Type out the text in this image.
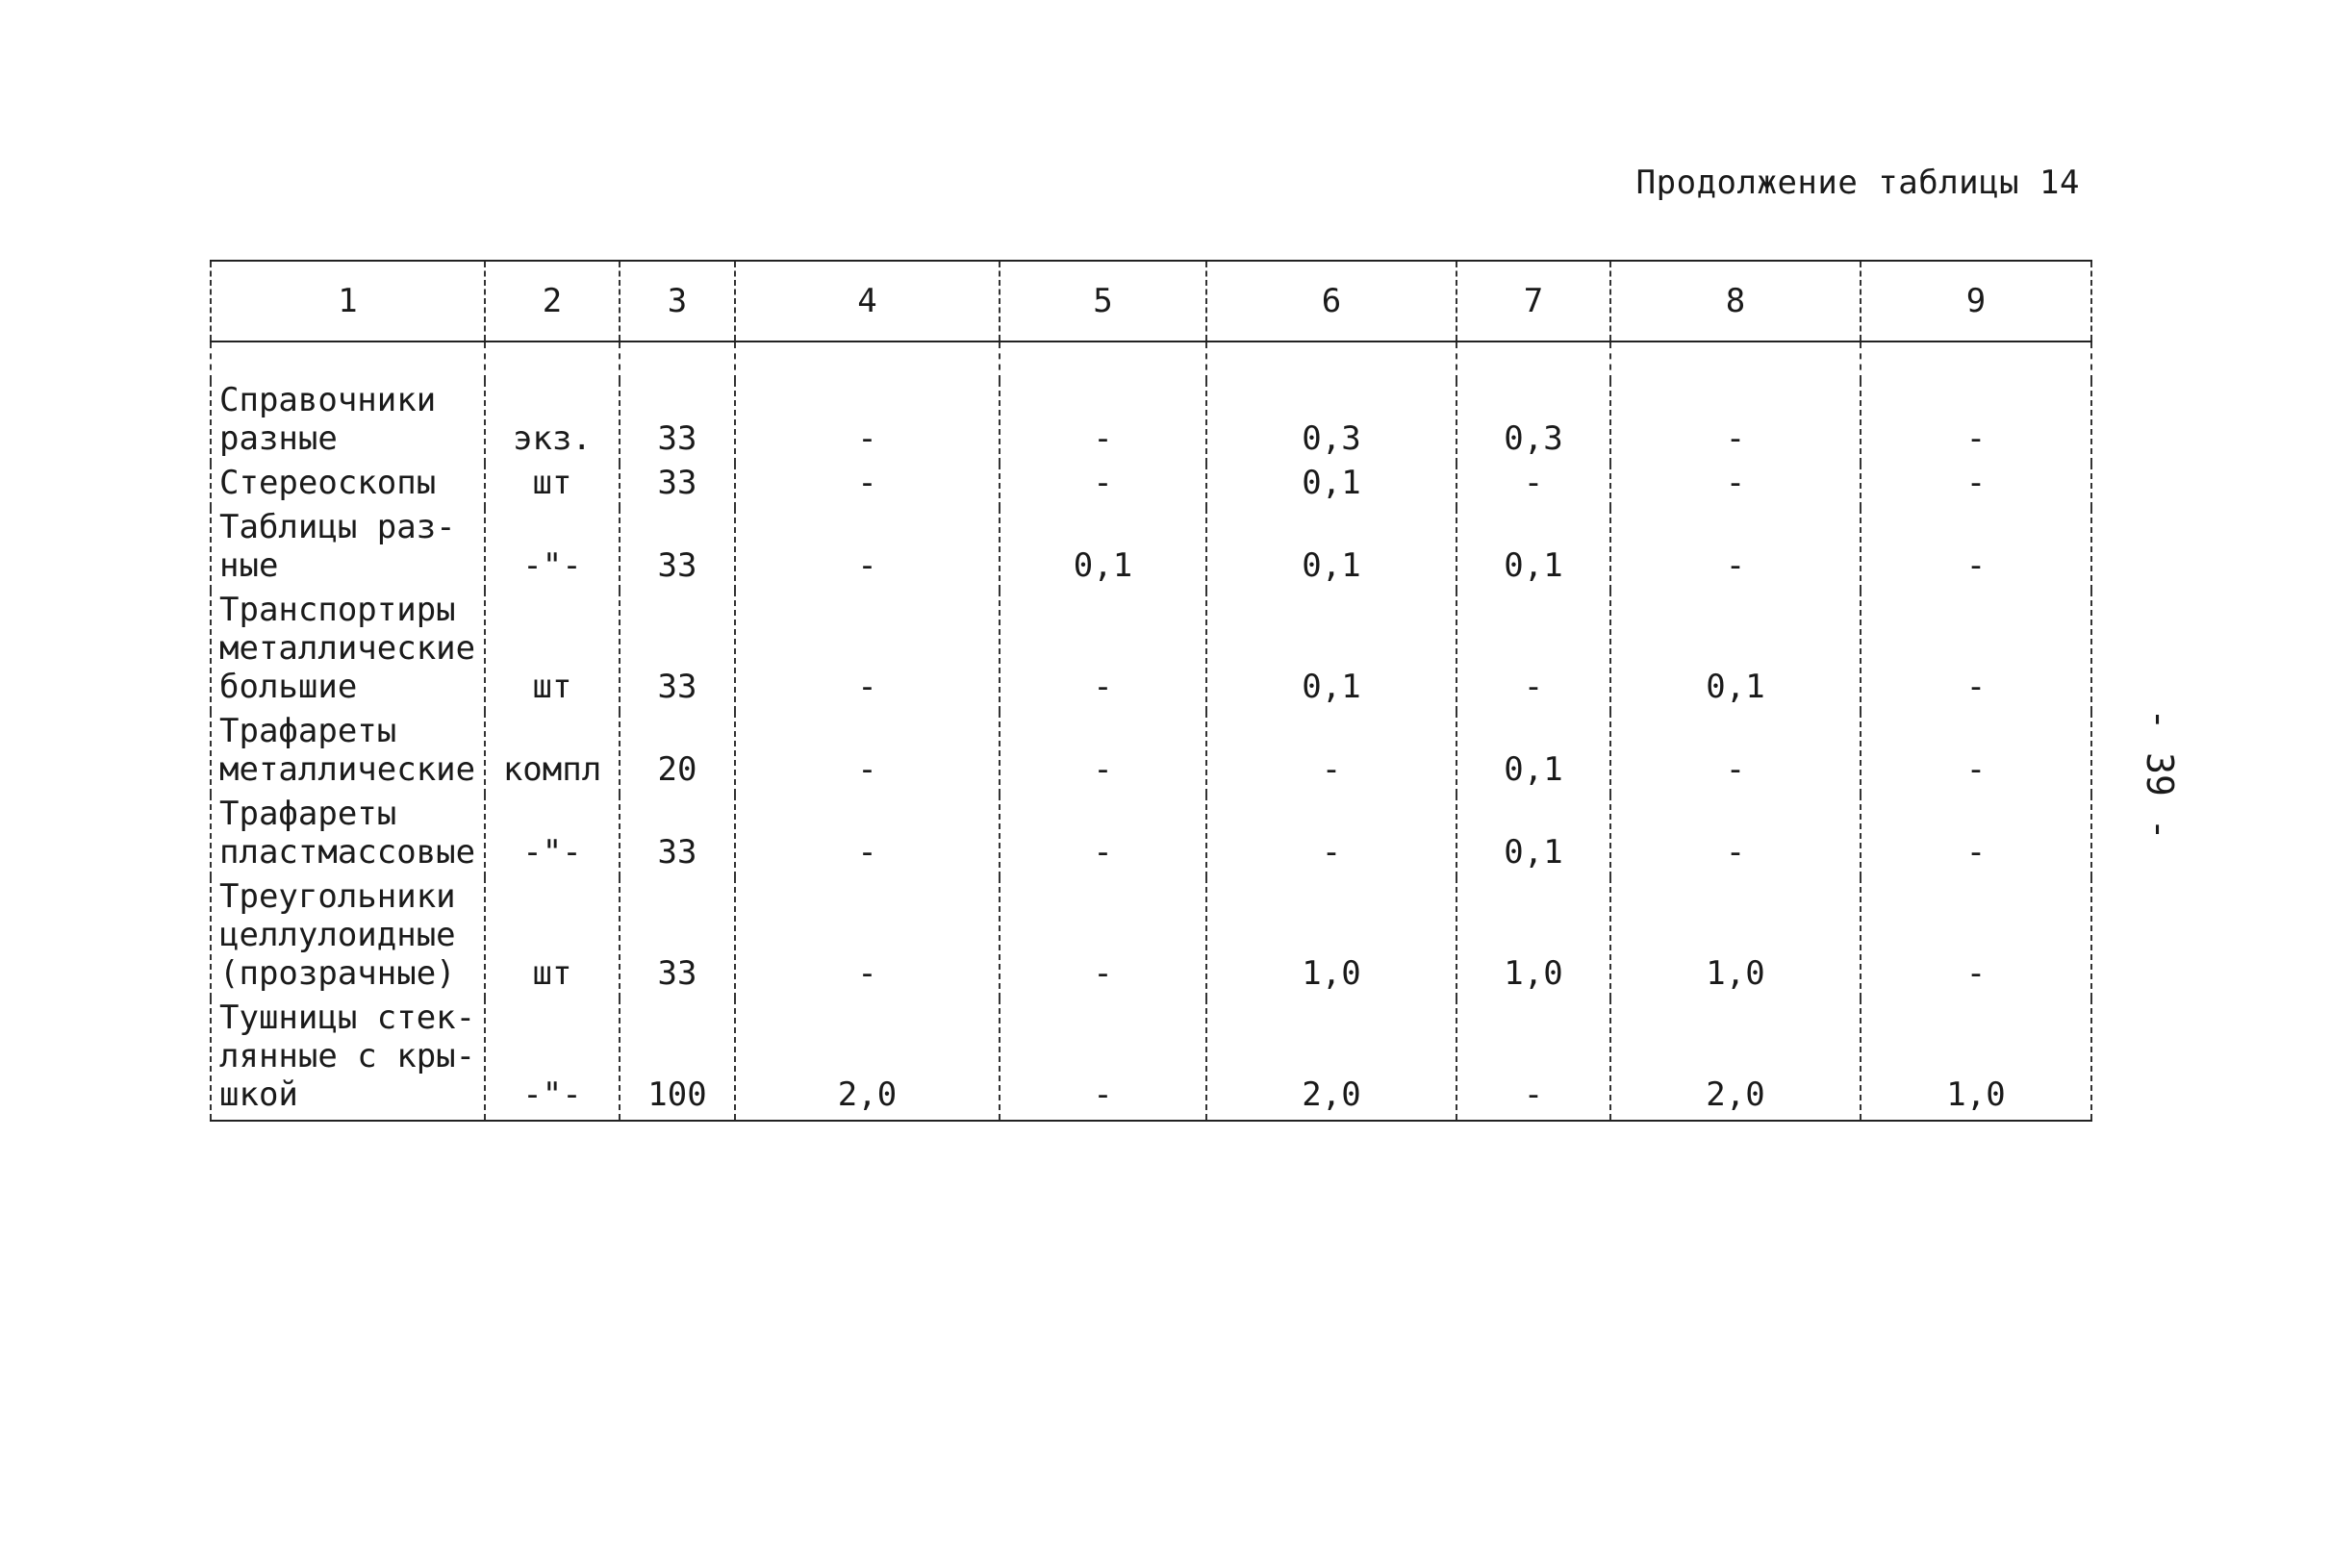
Продолжение таблицы 14
1	2	3	4	5	6	7	8	9

Справочники
разные	экз.	33	-	-	0,3	0,3	-	-
Стереоскопы	шт	33	-	-	0,1	-	-	-
Таблицы раз-
ные	-"-	33	-	0,1	0,1	0,1	-	-
Транспортиры
металлические
большие	шт	33	-	-	0,1	-	0,1	-
Трафареты
металлические	компл	20	-	-	-	0,1	-	-
Трафареты
пластмассовые	-"-	33	-	-	-	0,1	-	-
Треугольники
целлулоидные
(прозрачные)	шт	33	-	-	1,0	1,0	1,0	-
Тушницы стек-
лянные с кры-
шкой	-"-	100	2,0	-	2,0	-	2,0	1,0
- 39 -
